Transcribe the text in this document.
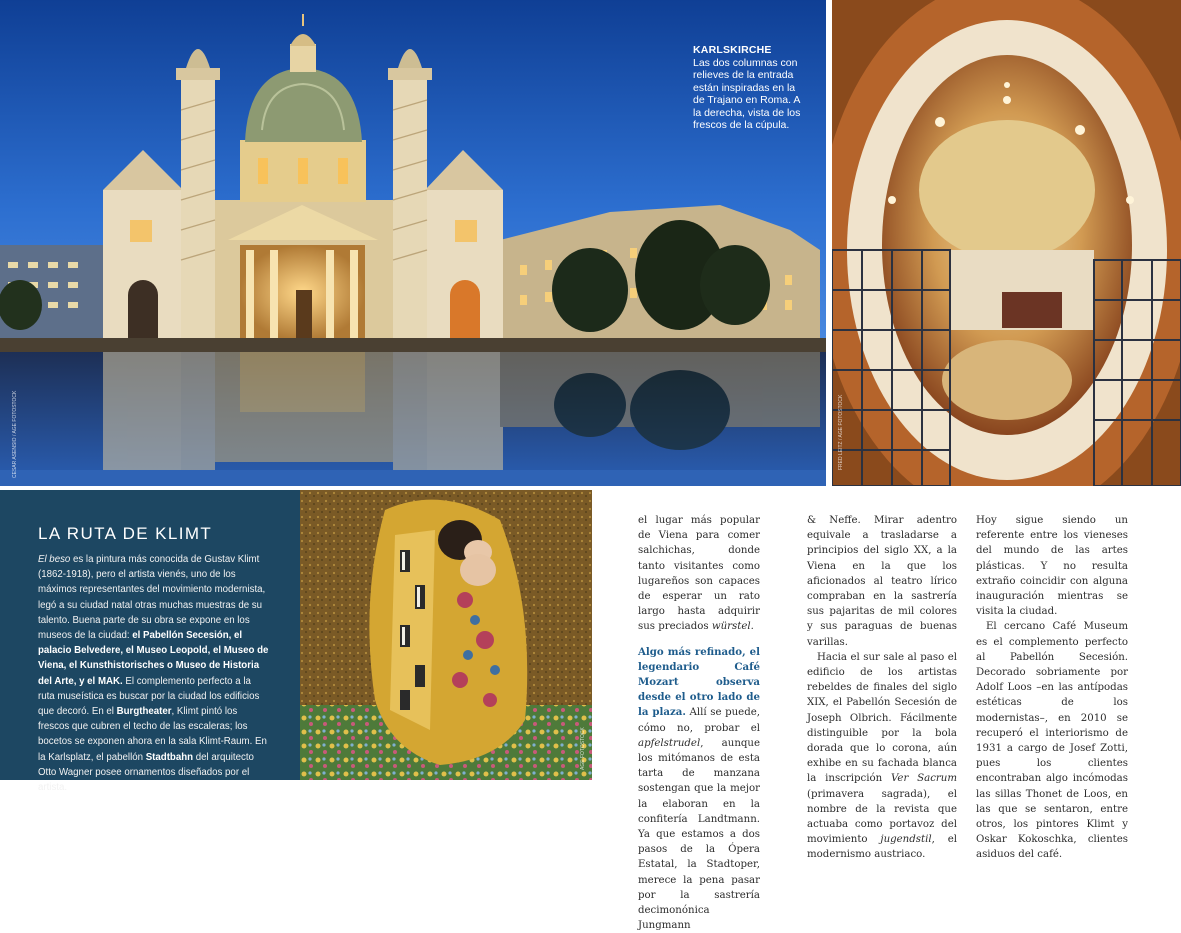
KARLSKIRCHE
Las dos columnas con relieves de la entrada están inspiradas en la de Trajano en Roma. A la derecha, vista de los frescos de la cúpula.
CESAR ASENSIO / AGE FOTOSTOCK	FRED LEITZ / AGE FOTOSTOCK
LA RUTA DE KLIMT
El beso es la pintura más conocida de Gustav Klimt (1862-1918), pero el artista vienés, uno de los máximos representantes del movimiento modernista, legó a su ciudad natal otras muchas muestras de su talento. Buena parte de su obra se expone en los museos de la ciudad: el Pabellón Secesión, el palacio Belvedere, el Museo Leopold, el Museo de Viena, el Kunsthistorisches o Museo de Historia del Arte, y el MAK. El complemento perfecto a la ruta museística es buscar por la ciudad los edificios que decoró. En el Burgtheater, Klimt pintó los frescos que cubren el techo de las escaleras; los bocetos se exponen ahora en la sala Klimt-Raum. En la Karlsplatz, el pabellón Stadtbahn del arquitecto Otto Wagner posee ornamentos diseñados por el artista.
AGE FOTOSTOCK

el lugar más popular de Viena para comer salchichas, donde tanto visitantes como lugareños son capaces de esperar un rato largo hasta adquirir sus preciados würstel.

Algo más refinado, el legendario Café Mozart observa desde el otro lado de la plaza. Allí se puede, cómo no, probar el apfelstrudel, aunque los mitómanos de esta tarta de manzana sostengan que la mejor la elaboran en la confitería Landtmann. Ya que estamos a dos pasos de la Ópera Estatal, la Stadtoper, merece la pena pasar por la sastrería decimonónica Jungmann

& Neffe. Mirar adentro equivale a trasladarse a principios del siglo XX, a la Viena en la que los aficionados al teatro lírico compraban en la sastrería sus pajaritas de mil colores y sus paraguas de buenas varillas.

Hacia el sur sale al paso el edificio de los artistas rebeldes de finales del siglo XIX, el Pabellón Secesión de Joseph Olbrich. Fácilmente distinguible por la bola dorada que lo corona, aún exhibe en su fachada blanca la inscripción Ver Sacrum (primavera sagrada), el nombre de la revista que actuaba como portavoz del movimiento jugendstil, el modernismo austriaco.

Hoy sigue siendo un referente entre los vieneses del mundo de las artes plásticas. Y no resulta extraño coincidir con alguna inauguración mientras se visita la ciudad.

El cercano Café Museum es el complemento perfecto al Pabellón Secesión. Decorado sobriamente por Adolf Loos –en las antípodas estéticas de los modernistas–, en 2010 se recuperó el interiorismo de 1931 a cargo de Josef Zotti, pues los clientes encontraban algo incómodas las sillas Thonet de Loos, en las que se sentaron, entre otros, los pintores Klimt y Oskar Kokoschka, clientes asiduos del café.
